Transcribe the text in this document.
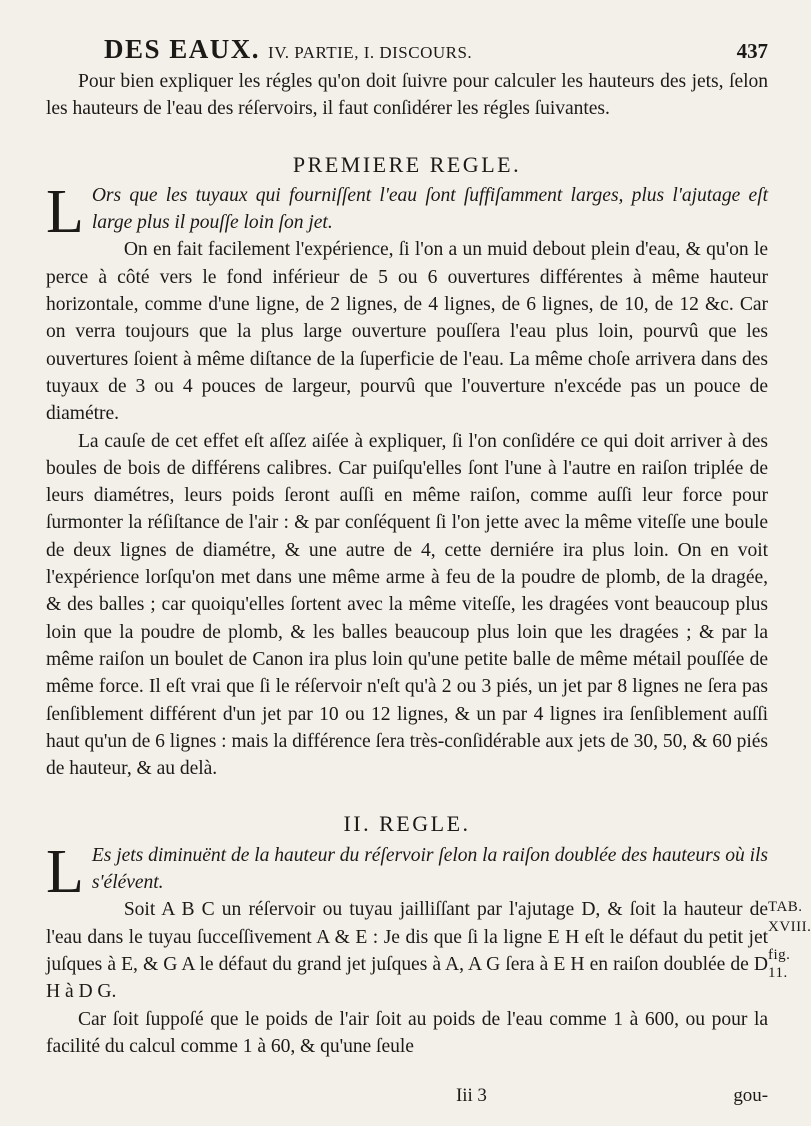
DES EAUX. IV. PARTIE, I. DISCOURS.	437

Pour bien expliquer les régles qu'on doit ſuivre pour calculer les hauteurs des jets, ſelon les hauteurs de l'eau des réſervoirs, il faut conſidérer les régles ſuivantes.

PREMIERE REGLE.

L Ors que les tuyaux qui fourniſſent l'eau ſont ſuffiſamment larges, plus l'ajutage eſt large plus il pouſſe loin ſon jet.

On en fait facilement l'expérience, ſi l'on a un muid debout plein d'eau, & qu'on le perce à côté vers le fond inférieur de 5 ou 6 ouvertures différentes à même hauteur horizontale, comme d'une ligne, de 2 lignes, de 4 lignes, de 6 lignes, de 10, de 12 &c. Car on verra toujours que la plus large ouverture pouſſera l'eau plus loin, pourvû que les ouvertures ſoient à même diſtance de la ſuperficie de l'eau. La même choſe arrivera dans des tuyaux de 3 ou 4 pouces de largeur, pourvû que l'ouverture n'excéde pas un pouce de diamétre.

La cauſe de cet effet eſt aſſez aiſée à expliquer, ſi l'on conſidére ce qui doit arriver à des boules de bois de différens calibres. Car puiſqu'elles ſont l'une à l'autre en raiſon triplée de leurs diamétres, leurs poids ſeront auſſi en même raiſon, comme auſſi leur force pour ſurmonter la réſiſtance de l'air : & par conſéquent ſi l'on jette avec la même viteſſe une boule de deux lignes de diamétre, & une autre de 4, cette derniére ira plus loin. On en voit l'expérience lorſqu'on met dans une même arme à feu de la poudre de plomb, de la dragée, & des balles ; car quoiqu'elles ſortent avec la même viteſſe, les dragées vont beaucoup plus loin que la poudre de plomb, & les balles beaucoup plus loin que les dragées ; & par la même raiſon un boulet de Canon ira plus loin qu'une petite balle de même métail pouſſée de même force. Il eſt vrai que ſi le réſervoir n'eſt qu'à 2 ou 3 piés, un jet par 8 lignes ne ſera pas ſenſiblement différent d'un jet par 10 ou 12 lignes, & un par 4 lignes ira ſenſiblement auſſi haut qu'un de 6 lignes : mais la différence ſera très-conſidérable aux jets de 30, 50, & 60 piés de hauteur, & au delà.

II. REGLE.

L Es jets diminuënt de la hauteur du réſervoir ſelon la raiſon doublée des hauteurs où ils s'élévent.

Soit A B C un réſervoir ou tuyau jailliſſant par l'ajutage D, & ſoit la hauteur de l'eau dans le tuyau ſucceſſivement A & E : Je dis que ſi la ligne E H eſt le défaut du petit jet juſques à E, & G A le défaut du grand jet juſques à A, A G ſera à E H en raiſon doublée de D H à D G.

Car ſoit ſuppoſé que le poids de l'air ſoit au poids de l'eau comme 1 à 600, ou pour la facilité du calcul comme 1 à 60, & qu'une ſeule

TAB.
XVIII.
fig. 11.
Iii 3	gou-
